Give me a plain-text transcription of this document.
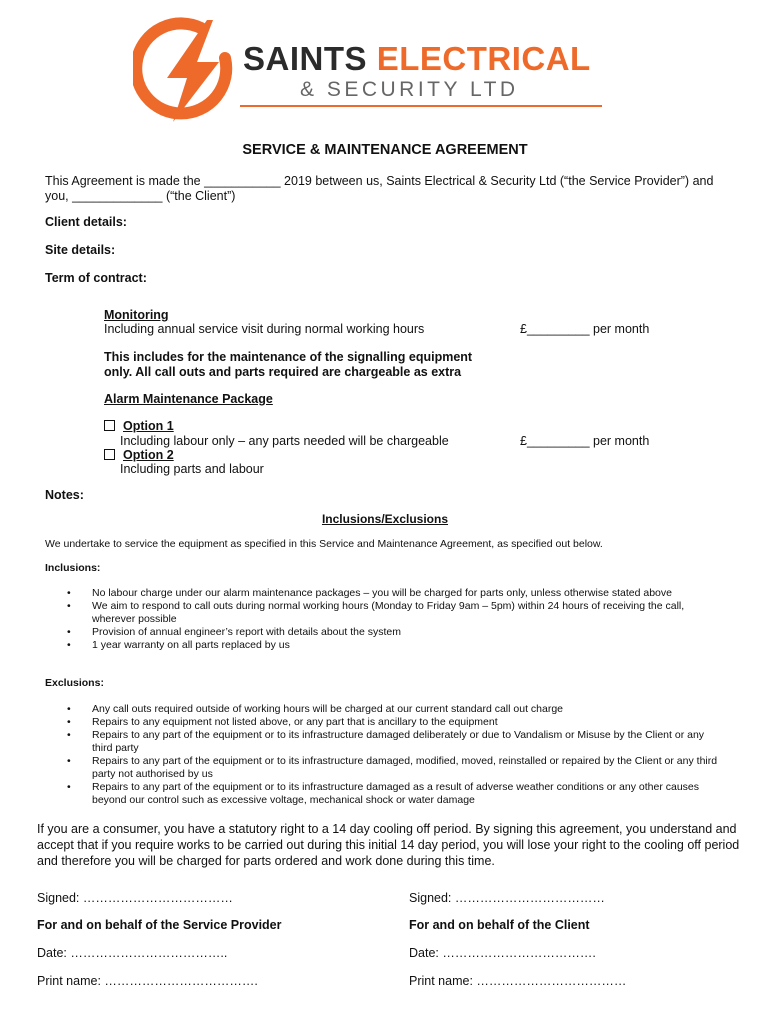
SAINTS ELECTRICAL
& SECURITY LTD
SERVICE & MAINTENANCE AGREEMENT
This Agreement is made the ___________ 2019 between us, Saints Electrical & Security Ltd (“the Service Provider”) and
you, _____________ (“the Client”)
Client details:
Site details:
Term of contract:
Monitoring
Including annual service visit during normal working hours	£_________ per month
This includes for the maintenance of the signalling equipment
only. All call outs and parts required are chargeable as extra
Alarm Maintenance Package
Option 1
Including labour only – any parts needed will be chargeable	£_________ per month
Option 2
Including parts and labour
Notes:
Inclusions/Exclusions
We undertake to service the equipment as specified in this Service and Maintenance Agreement, as specified out below.
Inclusions:
• No labour charge under our alarm maintenance packages – you will be charged for parts only, unless otherwise stated above
• We aim to respond to call outs during normal working hours (Monday to Friday 9am – 5pm) within 24 hours of receiving the call, wherever possible
• Provision of annual engineer’s report with details about the system
• 1 year warranty on all parts replaced by us
Exclusions:
• Any call outs required outside of working hours will be charged at our current standard call out charge
• Repairs to any equipment not listed above, or any part that is ancillary to the equipment
• Repairs to any part of the equipment or to its infrastructure damaged deliberately or due to Vandalism or Misuse by the Client or any third party
• Repairs to any part of the equipment or to its infrastructure damaged, modified, moved, reinstalled or repaired by the Client or any third party not authorised by us
• Repairs to any part of the equipment or to its infrastructure damaged as a result of adverse weather conditions or any other causes beyond our control such as excessive voltage, mechanical shock or water damage
If you are a consumer, you have a statutory right to a 14 day cooling off period. By signing this agreement, you understand and accept that if you require works to be carried out during this initial 14 day period, you will lose your right to the cooling off period and therefore you will be charged for parts ordered and work done during this time.
Signed: ………………………………	Signed: ………………………………
For and on behalf of the Service Provider	For and on behalf of the Client
Date: ………………………………..	Date: ……………………………….
Print name: ……………………………….	Print name: ………………………………
